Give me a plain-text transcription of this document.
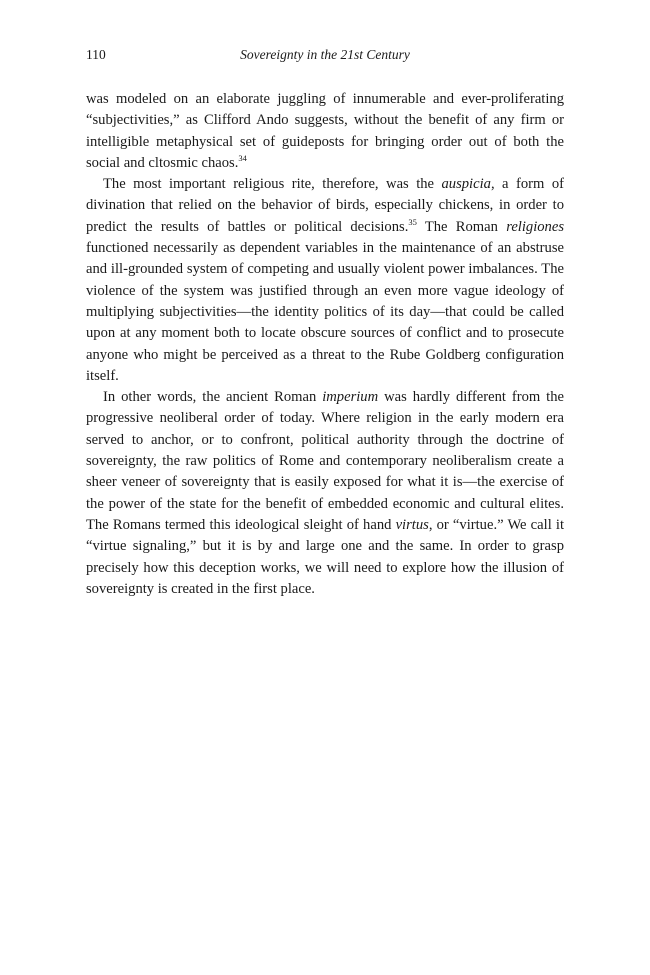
110	Sovereignty in the 21st Century

was modeled on an elaborate juggling of innumerable and ever-proliferating “subjectivities,” as Clifford Ando suggests, without the benefit of any firm or intelligible metaphysical set of guideposts for bringing order out of both the social and cltosmic chaos.$^{34}$

The most important religious rite, therefore, was the auspicia, a form of divination that relied on the behavior of birds, especially chickens, in order to predict the results of battles or political decisions.$^{35}$ The Roman religiones functioned necessarily as dependent variables in the maintenance of an abstruse and ill-grounded system of competing and usually violent power imbalances. The violence of the system was justified through an even more vague ideology of multiplying subjectivities—the identity politics of its day—that could be called upon at any moment both to locate obscure sources of conflict and to prosecute anyone who might be perceived as a threat to the Rube Goldberg configuration itself.

In other words, the ancient Roman imperium was hardly different from the progressive neoliberal order of today. Where religion in the early modern era served to anchor, or to confront, political authority through the doctrine of sovereignty, the raw politics of Rome and contemporary neoliberalism create a sheer veneer of sovereignty that is easily exposed for what it is—the exercise of the power of the state for the benefit of embedded economic and cultural elites. The Romans termed this ideological sleight of hand virtus, or “virtue.” We call it “virtue signaling,” but it is by and large one and the same. In order to grasp precisely how this deception works, we will need to explore how the illusion of sovereignty is created in the first place.
